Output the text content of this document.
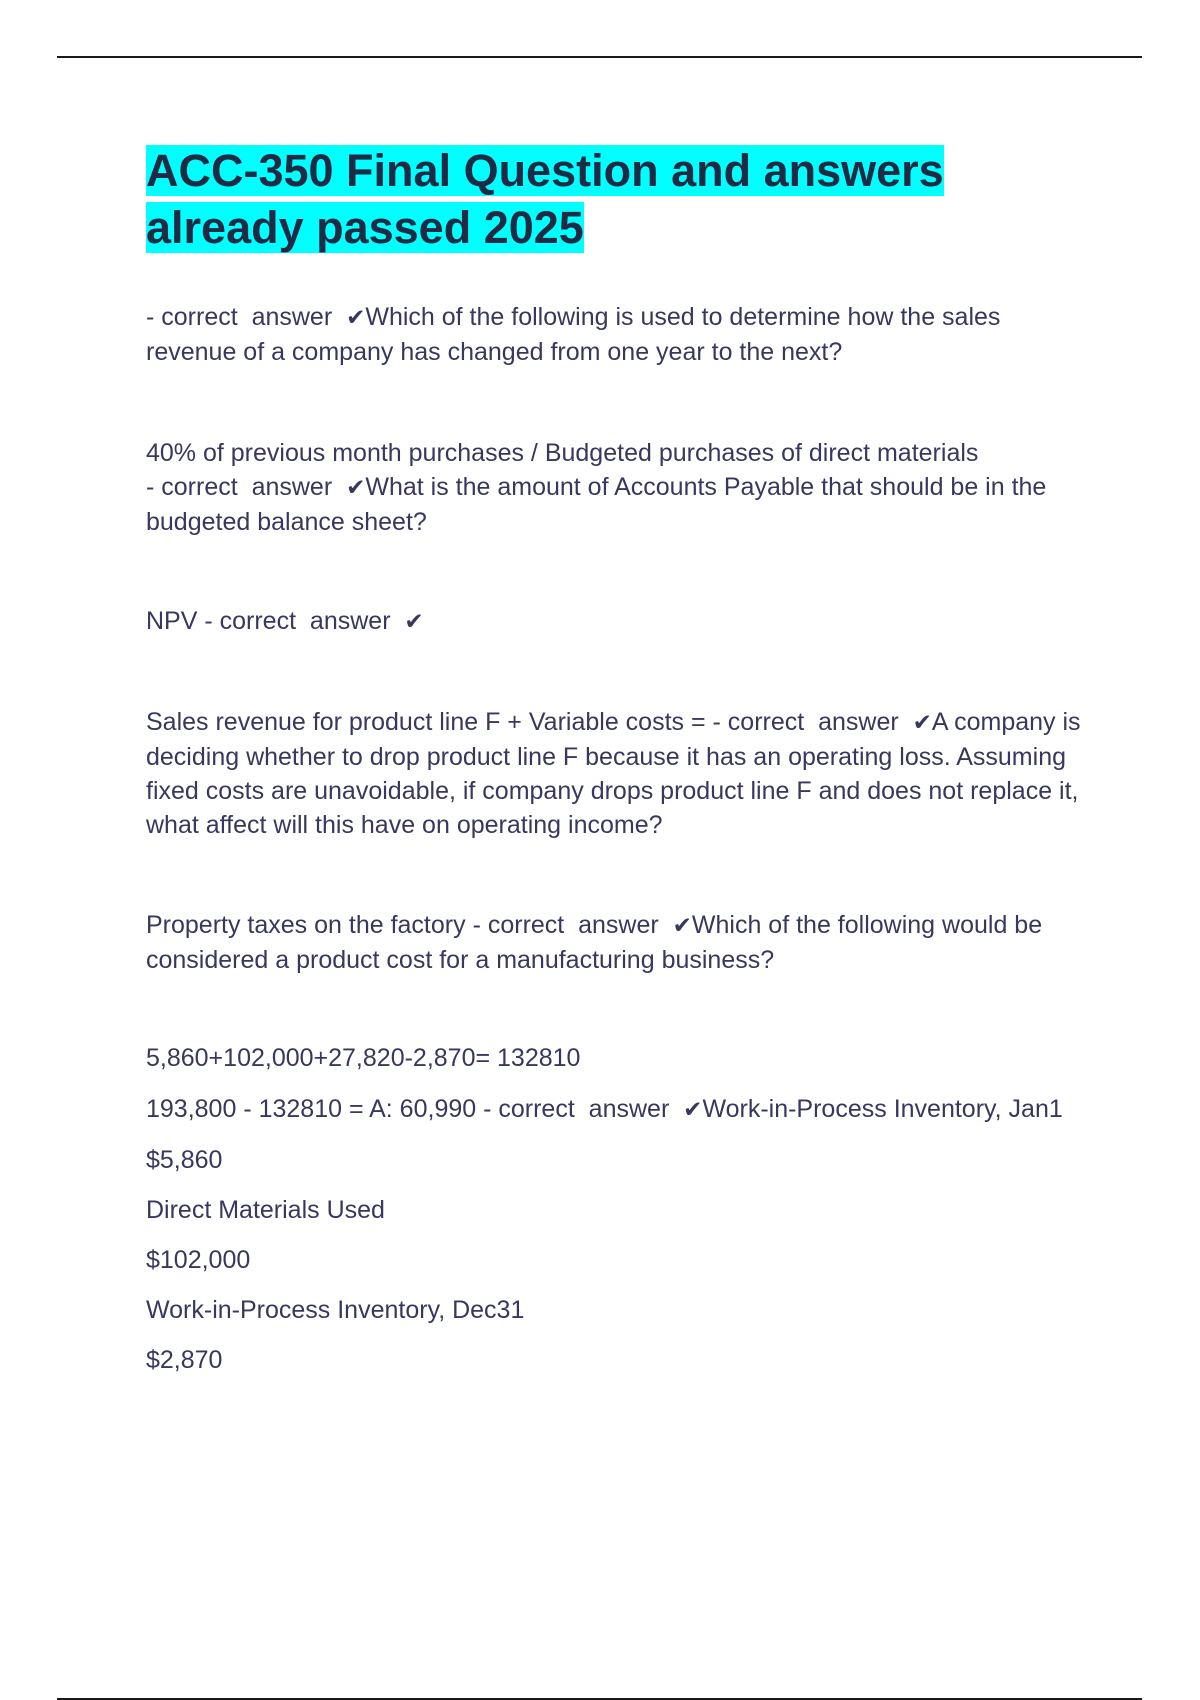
ACC-350 Final Question and answers already passed 2025

- correct  answer  ✔Which of the following is used to determine how the sales revenue of a company has changed from one year to the next?

40% of previous month purchases / Budgeted purchases of direct materials - correct  answer  ✔What is the amount of Accounts Payable that should be in the budgeted balance sheet?

NPV - correct  answer  ✔

Sales revenue for product line F + Variable costs = - correct  answer  ✔A company is deciding whether to drop product line F because it has an operating loss. Assuming fixed costs are unavoidable, if company drops product line F and does not replace it, what affect will this have on operating income?

Property taxes on the factory - correct  answer  ✔Which of the following would be considered a product cost for a manufacturing business?

5,860+102,000+27,820-2,870= 132810

193,800 - 132810 = A: 60,990 - correct  answer  ✔Work-in-Process Inventory, Jan1

$5,860

Direct Materials Used

$102,000

Work-in-Process Inventory, Dec31

$2,870
